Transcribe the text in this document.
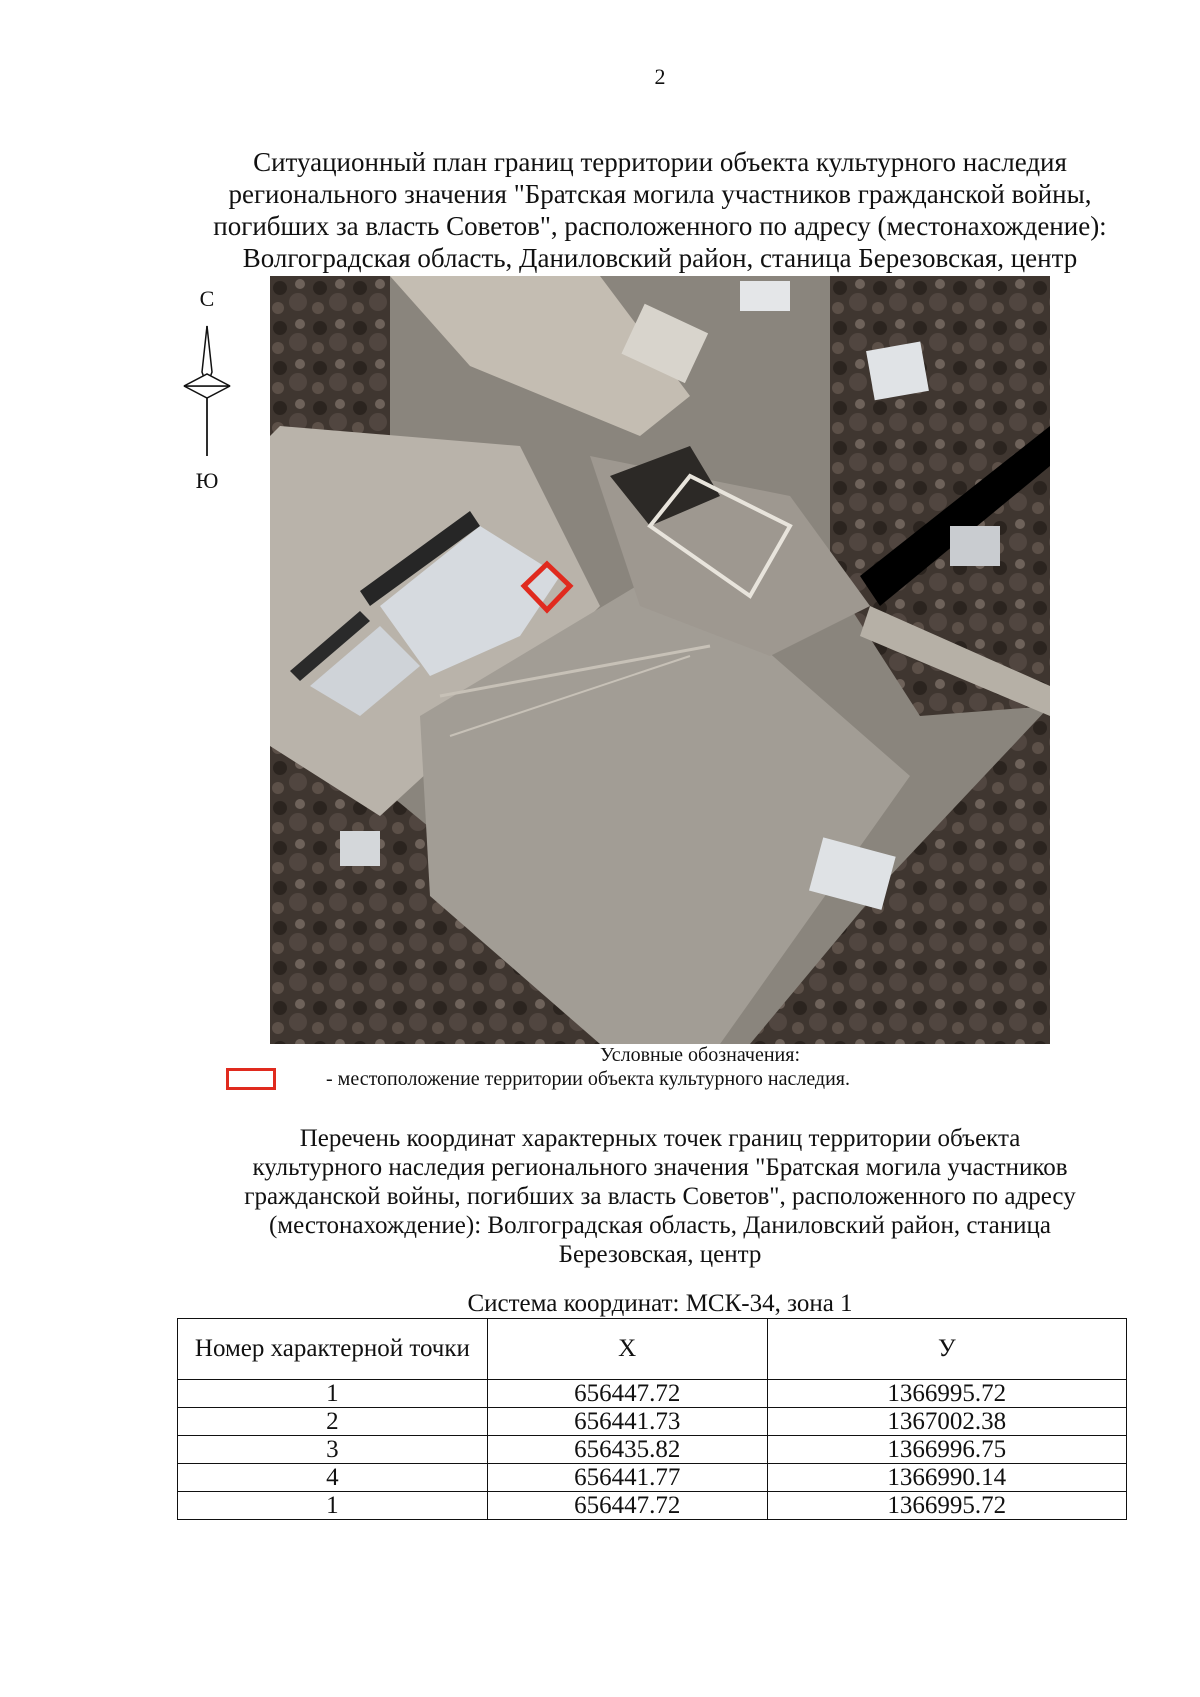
2
Ситуационный план границ территории объекта культурного наследия
регионального значения "Братская могила участников гражданской войны,
погибших за власть Советов", расположенного по адресу (местонахождение):
Волгоградская область, Даниловский район, станица Березовская, центр
С
Ю
Условные обозначения:
- местоположение территории объекта культурного наследия.
Перечень координат характерных точек границ территории объекта
культурного наследия регионального значения "Братская могила участников
гражданской войны, погибших за власть Советов", расположенного по адресу
(местонахождение): Волгоградская область, Даниловский район, станица
Березовская, центр
Система координат: МСК-34, зона 1
Номер характерной точки	X	У
1	656447.72	1366995.72
2	656441.73	1367002.38
3	656435.82	1366996.75
4	656441.77	1366990.14
1	656447.72	1366995.72
